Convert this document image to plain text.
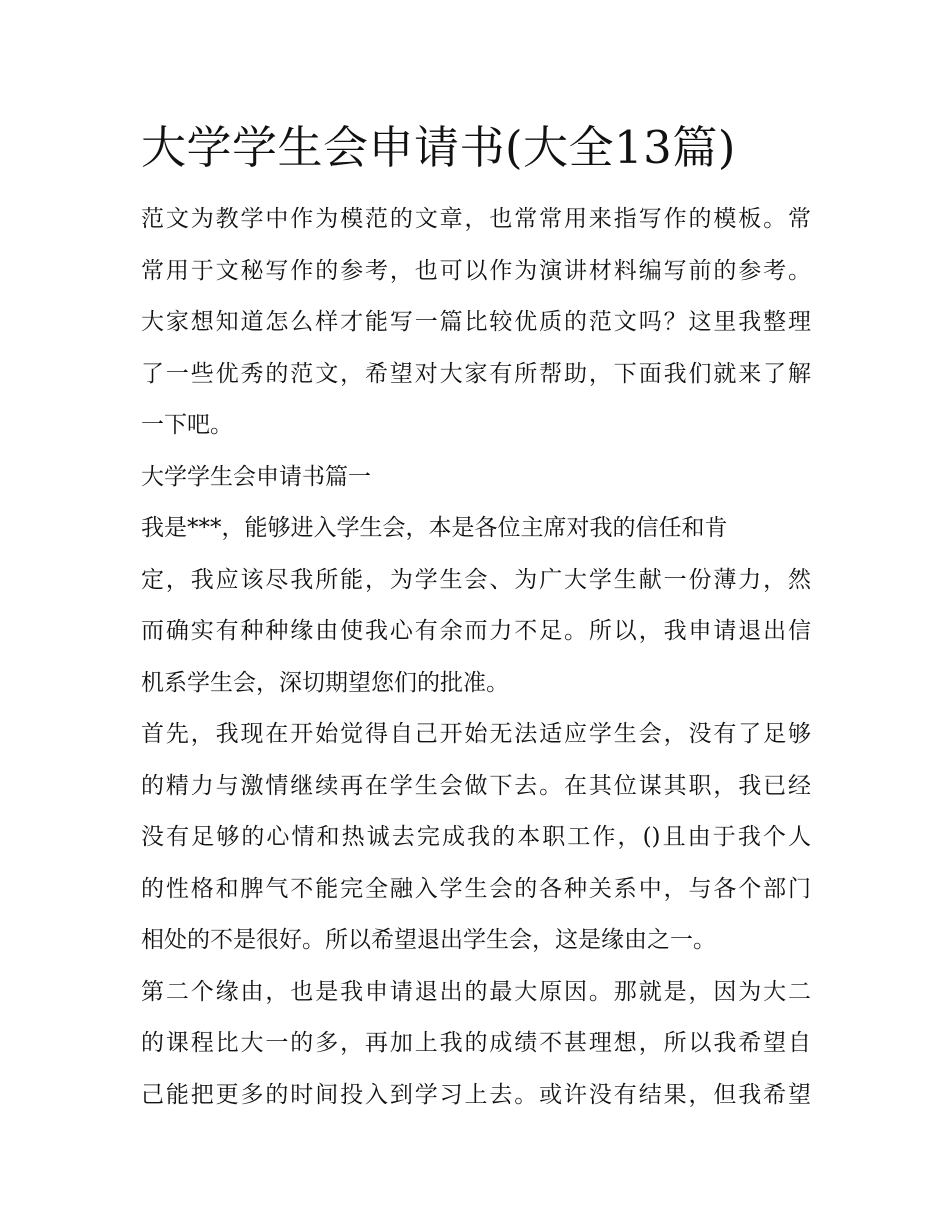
大学学生会申请书(大全13篇)

范文为教学中作为模范的文章，也常常用来指写作的模板。常

常用于文秘写作的参考，也可以作为演讲材料编写前的参考。

大家想知道怎么样才能写一篇比较优质的范文吗？这里我整理

了一些优秀的范文，希望对大家有所帮助，下面我们就来了解

一下吧。

大学学生会申请书篇一

我是***，能够进入学生会，本是各位主席对我的信任和肯

定，我应该尽我所能，为学生会、为广大学生献一份薄力，然

而确实有种种缘由使我心有余而力不足。所以，我申请退出信

机系学生会，深切期望您们的批准。

首先，我现在开始觉得自己开始无法适应学生会，没有了足够

的精力与激情继续再在学生会做下去。在其位谋其职，我已经

没有足够的心情和热诚去完成我的本职工作，()且由于我个人

的性格和脾气不能完全融入学生会的各种关系中，与各个部门

相处的不是很好。所以希望退出学生会，这是缘由之一。

第二个缘由，也是我申请退出的最大原因。那就是，因为大二

的课程比大一的多，再加上我的成绩不甚理想，所以我希望自

己能把更多的时间投入到学习上去。或许没有结果，但我希望
